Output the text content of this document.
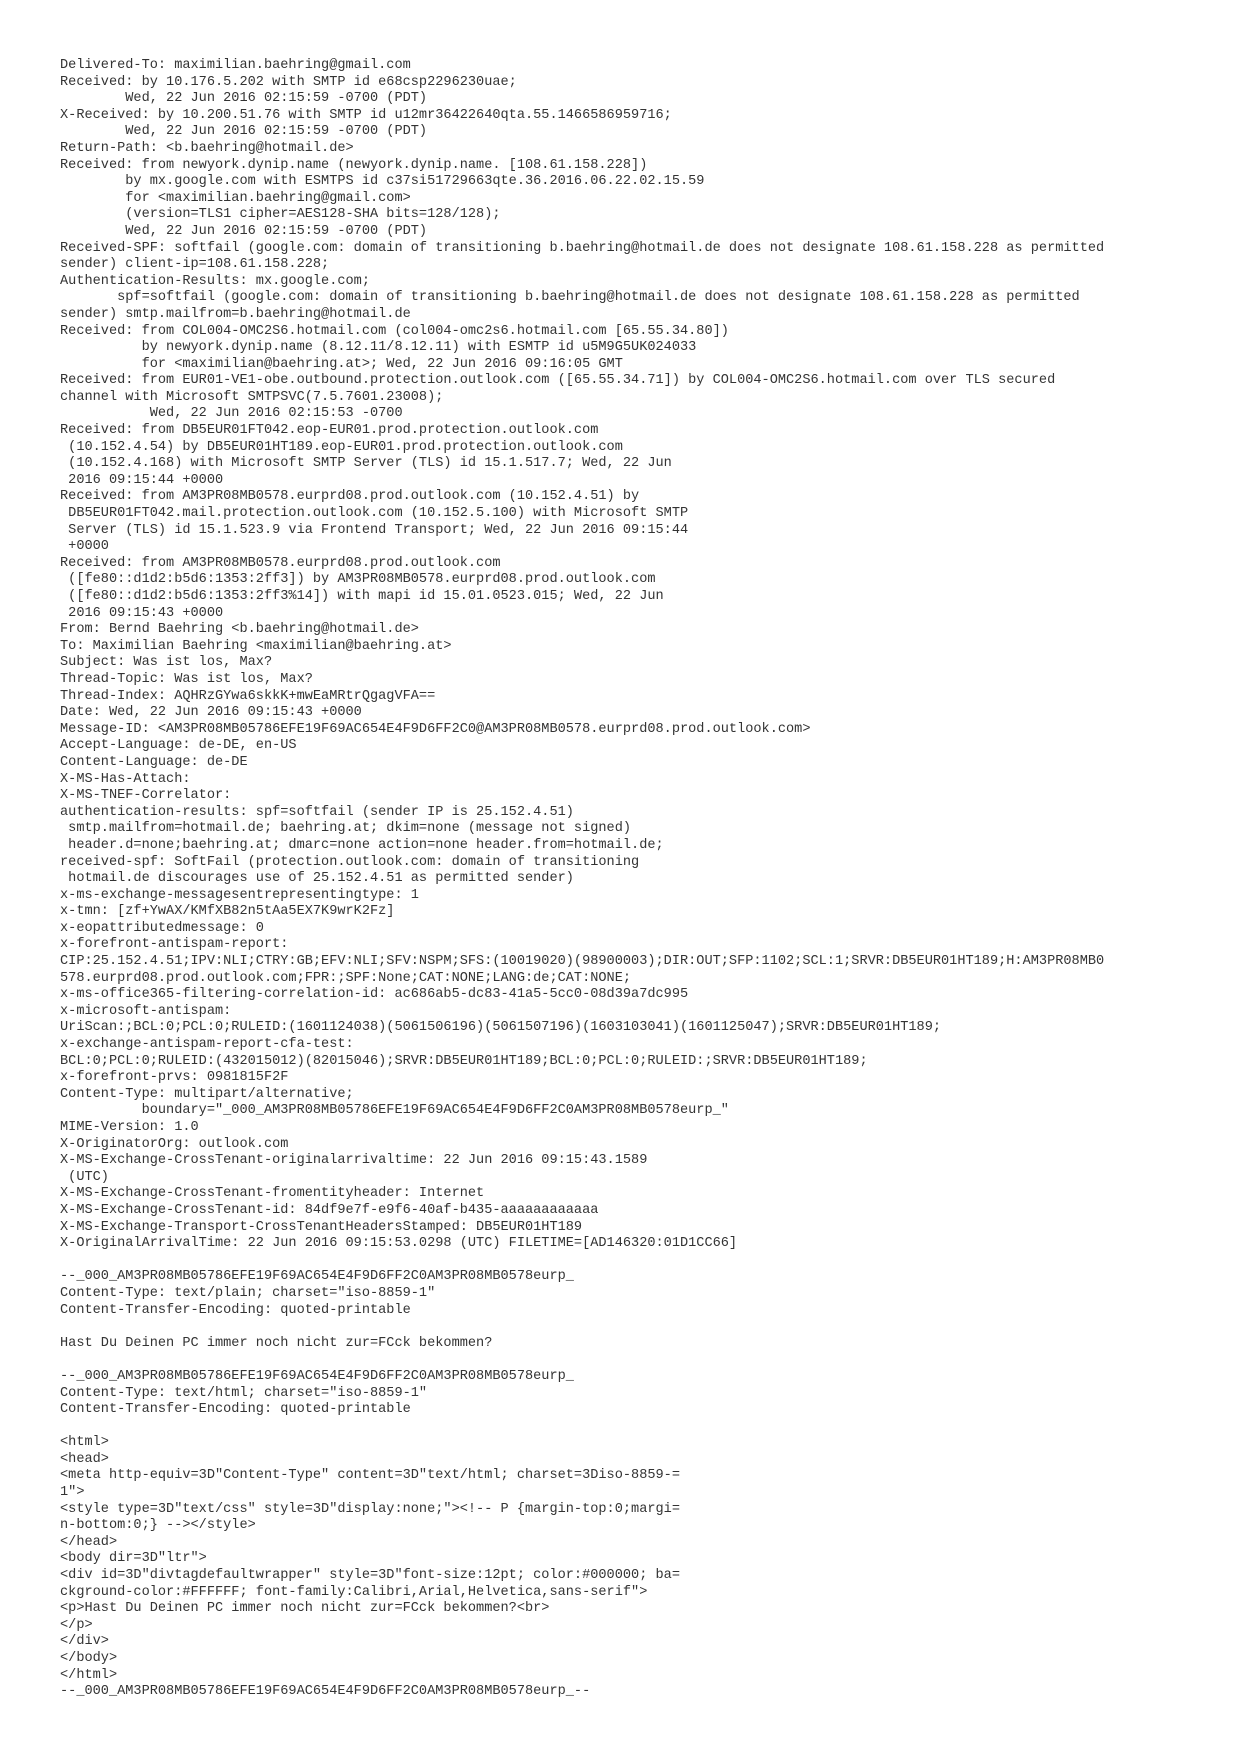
Delivered-To: maximilian.baehring@gmail.com
Received: by 10.176.5.202 with SMTP id e68csp2296230uae;
Wed, 22 Jun 2016 02:15:59 -0700 (PDT)
X-Received: by 10.200.51.76 with SMTP id u12mr36422640qta.55.1466586959716;
Wed, 22 Jun 2016 02:15:59 -0700 (PDT)
Return-Path: <b.baehring@hotmail.de>
Received: from newyork.dynip.name (newyork.dynip.name. [108.61.158.228])
by mx.google.com with ESMTPS id c37si51729663qte.36.2016.06.22.02.15.59
for <maximilian.baehring@gmail.com>
(version=TLS1 cipher=AES128-SHA bits=128/128);
Wed, 22 Jun 2016 02:15:59 -0700 (PDT)
Received-SPF: softfail (google.com: domain of transitioning b.baehring@hotmail.de does not designate 108.61.158.228 as permitted
sender) client-ip=108.61.158.228;
Authentication-Results: mx.google.com;
spf=softfail (google.com: domain of transitioning b.baehring@hotmail.de does not designate 108.61.158.228 as permitted
sender) smtp.mailfrom=b.baehring@hotmail.de
Received: from COL004-OMC2S6.hotmail.com (col004-omc2s6.hotmail.com [65.55.34.80])
by newyork.dynip.name (8.12.11/8.12.11) with ESMTP id u5M9G5UK024033
for <maximilian@baehring.at>; Wed, 22 Jun 2016 09:16:05 GMT
Received: from EUR01-VE1-obe.outbound.protection.outlook.com ([65.55.34.71]) by COL004-OMC2S6.hotmail.com over TLS secured
channel with Microsoft SMTPSVC(7.5.7601.23008);
Wed, 22 Jun 2016 02:15:53 -0700
Received: from DB5EUR01FT042.eop-EUR01.prod.protection.outlook.com
(10.152.4.54) by DB5EUR01HT189.eop-EUR01.prod.protection.outlook.com
(10.152.4.168) with Microsoft SMTP Server (TLS) id 15.1.517.7; Wed, 22 Jun
2016 09:15:44 +0000
Received: from AM3PR08MB0578.eurprd08.prod.outlook.com (10.152.4.51) by
DB5EUR01FT042.mail.protection.outlook.com (10.152.5.100) with Microsoft SMTP
Server (TLS) id 15.1.523.9 via Frontend Transport; Wed, 22 Jun 2016 09:15:44
+0000
Received: from AM3PR08MB0578.eurprd08.prod.outlook.com
([fe80::d1d2:b5d6:1353:2ff3]) by AM3PR08MB0578.eurprd08.prod.outlook.com
([fe80::d1d2:b5d6:1353:2ff3%14]) with mapi id 15.01.0523.015; Wed, 22 Jun
2016 09:15:43 +0000
From: Bernd Baehring <b.baehring@hotmail.de>
To: Maximilian Baehring <maximilian@baehring.at>
Subject: Was ist los, Max?
Thread-Topic: Was ist los, Max?
Thread-Index: AQHRzGYwa6skkK+mwEaMRtrQgagVFA==
Date: Wed, 22 Jun 2016 09:15:43 +0000
Message-ID: <AM3PR08MB05786EFE19F69AC654E4F9D6FF2C0@AM3PR08MB0578.eurprd08.prod.outlook.com>
Accept-Language: de-DE, en-US
Content-Language: de-DE
X-MS-Has-Attach:
X-MS-TNEF-Correlator:
authentication-results: spf=softfail (sender IP is 25.152.4.51)
smtp.mailfrom=hotmail.de; baehring.at; dkim=none (message not signed)
header.d=none;baehring.at; dmarc=none action=none header.from=hotmail.de;
received-spf: SoftFail (protection.outlook.com: domain of transitioning
hotmail.de discourages use of 25.152.4.51 as permitted sender)
x-ms-exchange-messagesentrepresentingtype: 1
x-tmn: [zf+YwAX/KMfXB82n5tAa5EX7K9wrK2Fz]
x-eopattributedmessage: 0
x-forefront-antispam-report:
CIP:25.152.4.51;IPV:NLI;CTRY:GB;EFV:NLI;SFV:NSPM;SFS:(10019020)(98900003);DIR:OUT;SFP:1102;SCL:1;SRVR:DB5EUR01HT189;H:AM3PR08MB0
578.eurprd08.prod.outlook.com;FPR:;SPF:None;CAT:NONE;LANG:de;CAT:NONE;
x-ms-office365-filtering-correlation-id: ac686ab5-dc83-41a5-5cc0-08d39a7dc995
x-microsoft-antispam:
UriScan:;BCL:0;PCL:0;RULEID:(1601124038)(5061506196)(5061507196)(1603103041)(1601125047);SRVR:DB5EUR01HT189;
x-exchange-antispam-report-cfa-test:
BCL:0;PCL:0;RULEID:(432015012)(82015046);SRVR:DB5EUR01HT189;BCL:0;PCL:0;RULEID:;SRVR:DB5EUR01HT189;
x-forefront-prvs: 0981815F2F
Content-Type: multipart/alternative;
boundary="_000_AM3PR08MB05786EFE19F69AC654E4F9D6FF2C0AM3PR08MB0578eurp_"
MIME-Version: 1.0
X-OriginatorOrg: outlook.com
X-MS-Exchange-CrossTenant-originalarrivaltime: 22 Jun 2016 09:15:43.1589
(UTC)
X-MS-Exchange-CrossTenant-fromentityheader: Internet
X-MS-Exchange-CrossTenant-id: 84df9e7f-e9f6-40af-b435-aaaaaaaaaaaa
X-MS-Exchange-Transport-CrossTenantHeadersStamped: DB5EUR01HT189
X-OriginalArrivalTime: 22 Jun 2016 09:15:53.0298 (UTC) FILETIME=[AD146320:01D1CC66]
--_000_AM3PR08MB05786EFE19F69AC654E4F9D6FF2C0AM3PR08MB0578eurp_
Content-Type: text/plain; charset="iso-8859-1"
Content-Transfer-Encoding: quoted-printable
Hast Du Deinen PC immer noch nicht zur=FCck bekommen?
--_000_AM3PR08MB05786EFE19F69AC654E4F9D6FF2C0AM3PR08MB0578eurp_
Content-Type: text/html; charset="iso-8859-1"
Content-Transfer-Encoding: quoted-printable
<html>
<head>
<meta http-equiv=3D"Content-Type" content=3D"text/html; charset=3Diso-8859-=
1">
<style type=3D"text/css" style=3D"display:none;"><!-- P {margin-top:0;margi=
n-bottom:0;} --></style>
</head>
<body dir=3D"ltr">
<div id=3D"divtagdefaultwrapper" style=3D"font-size:12pt; color:#000000; ba=
ckground-color:#FFFFFF; font-family:Calibri,Arial,Helvetica,sans-serif">
<p>Hast Du Deinen PC immer noch nicht zur=FCck bekommen?<br>
</p>
</div>
</body>
</html>
--_000_AM3PR08MB05786EFE19F69AC654E4F9D6FF2C0AM3PR08MB0578eurp_--
